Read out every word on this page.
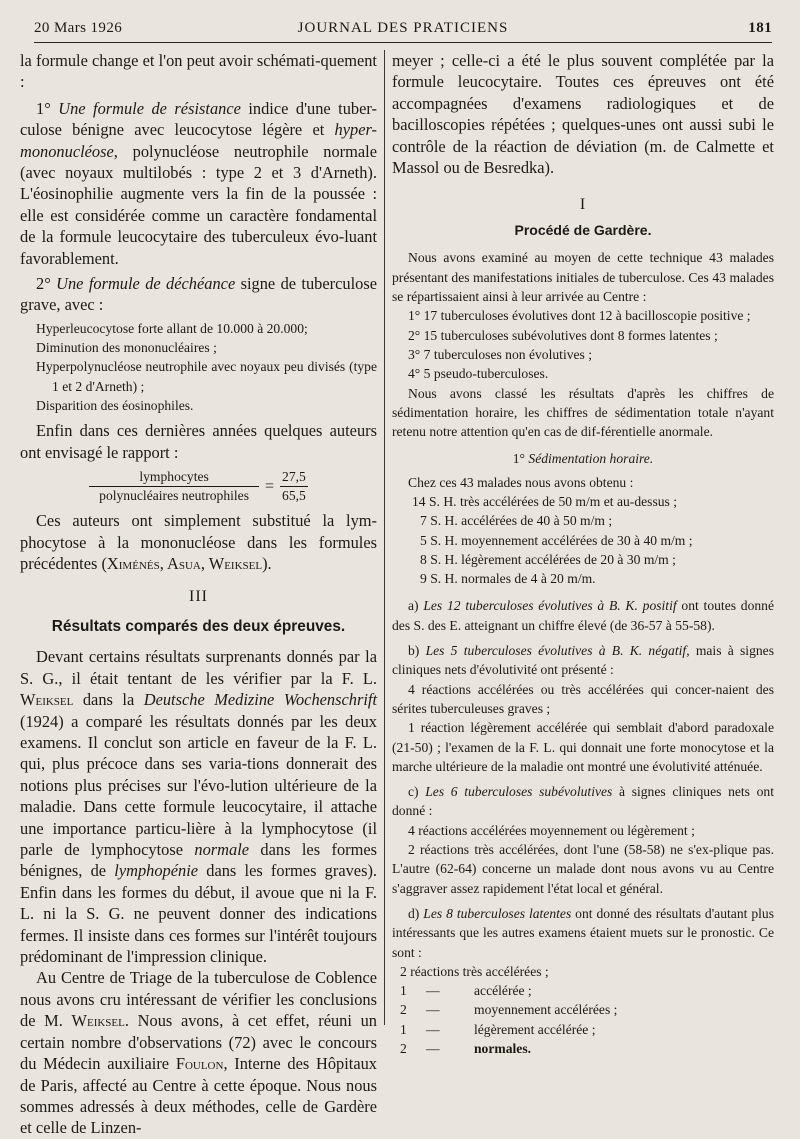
20 Mars 1926	JOURNAL DES PRATICIENS	181

la formule change et l'on peut avoir schémati-quement :

1° Une formule de résistance indice d'une tuber-culose bénigne avec leucocytose légère et hyper-mononucléose, polynucléose neutrophile normale (avec noyaux multilobés : type 2 et 3 d'Arneth). L'éosinophilie augmente vers la fin de la poussée : elle est considérée comme un caractère fondamental de la formule leucocytaire des tuberculeux évo-luant favorablement.

2° Une formule de déchéance signe de tuberculose grave, avec :

Hyperleucocytose forte allant de 10.000 à 20.000;

Diminution des mononucléaires ;

Hyperpolynucléose neutrophile avec noyaux peu divisés (type 1 et 2 d'Arneth) ;

Disparition des éosinophiles.

Enfin dans ces dernières années quelques auteurs ont envisagé le rapport :

$\frac{\text{lymphocytes}}{\text{polynucléaires neutrophiles}} = \frac{27,5}{65,5}$

Ces auteurs ont simplement substitué la lym-phocytose à la mononucléose dans les formules précédentes (Ximénés, Asua, Weiksel).

III

Résultats comparés des deux épreuves.

Devant certains résultats surprenants donnés par la S. G., il était tentant de les vérifier par la F. L. Weiksel dans la Deutsche Medizine Wochenschrift (1924) a comparé les résultats donnés par les deux examens. Il conclut son article en faveur de la F. L. qui, plus précoce dans ses varia-tions donnerait des notions plus précises sur l'évo-lution ultérieure de la maladie. Dans cette formule leucocytaire, il attache une importance particu-lière à la lymphocytose (il parle de lymphocytose normale dans les formes bénignes, de lymphopénie dans les formes graves). Enfin dans les formes du début, il avoue que ni la F. L. ni la S. G. ne peuvent donner des indications fermes. Il insiste dans ces formes sur l'intérêt toujours prédominant de l'impression clinique.

Au Centre de Triage de la tuberculose de Coblence nous avons cru intéressant de vérifier les conclusions de M. Weiksel. Nous avons, à cet effet, réuni un certain nombre d'observations (72) avec le concours du Médecin auxiliaire Foulon, Interne des Hôpitaux de Paris, affecté au Centre à cette époque. Nous nous sommes adressés à deux méthodes, celle de Gardère et celle de Linzen-

meyer ; celle-ci a été le plus souvent complétée par la formule leucocytaire. Toutes ces épreuves ont été accompagnées d'examens radiologiques et de bacilloscopies répétées ; quelques-unes ont aussi subi le contrôle de la réaction de déviation (m. de Calmette et Massol ou de Besredka).

I

Procédé de Gardère.

Nous avons examiné au moyen de cette technique 43 malades présentant des manifestations initiales de tuberculose. Ces 43 malades se répartissaient ainsi à leur arrivée au Centre :

1° 17 tuberculoses évolutives dont 12 à bacilloscopie positive ;

2° 15 tuberculoses subévolutives dont 8 formes latentes ;

3° 7 tuberculoses non évolutives ;

4° 5 pseudo-tuberculoses.

Nous avons classé les résultats d'après les chiffres de sédimentation horaire, les chiffres de sédimentation totale n'ayant retenu notre attention qu'en cas de dif-férentielle anormale.

1° Sédimentation horaire.

Chez ces 43 malades nous avons obtenu :

14 S. H. très accélérées de 50 m/m et au-dessus ;

7 S. H. accélérées de 40 à 50 m/m ;

5 S. H. moyennement accélérées de 30 à 40 m/m ;

8 S. H. légèrement accélérées de 20 à 30 m/m ;

9 S. H. normales de 4 à 20 m/m.

a) Les 12 tuberculoses évolutives à B. K. positif ont toutes donné des S. des E. atteignant un chiffre élevé (de 36-57 à 55-58).

b) Les 5 tuberculoses évolutives à B. K. négatif, mais à signes cliniques nets d'évolutivité ont présenté :

4 réactions accélérées ou très accélérées qui concer-naient des sérites tuberculeuses graves ;

1 réaction légèrement accélérée qui semblait d'abord paradoxale (21-50) ; l'examen de la F. L. qui donnait une forte monocytose et la marche ultérieure de la maladie ont montré une évolutivité atténuée.

c) Les 6 tuberculoses subévolutives à signes cliniques nets ont donné :

4 réactions accélérées moyennement ou légèrement ;

2 réactions très accélérées, dont l'une (58-58) ne s'ex-plique pas. L'autre (62-64) concerne un malade dont nous avons vu au Centre s'aggraver assez rapidement l'état local et général.

d) Les 8 tuberculoses latentes ont donné des résultats d'autant plus intéressants que les autres examens étaient muets sur le pronostic. Ce sont :

2 réactions très accélérées ;

1	—	accélérée ;
2	—	moyennement accélérées ;
1	—	légèrement accélérée ;
2	—	normales.
